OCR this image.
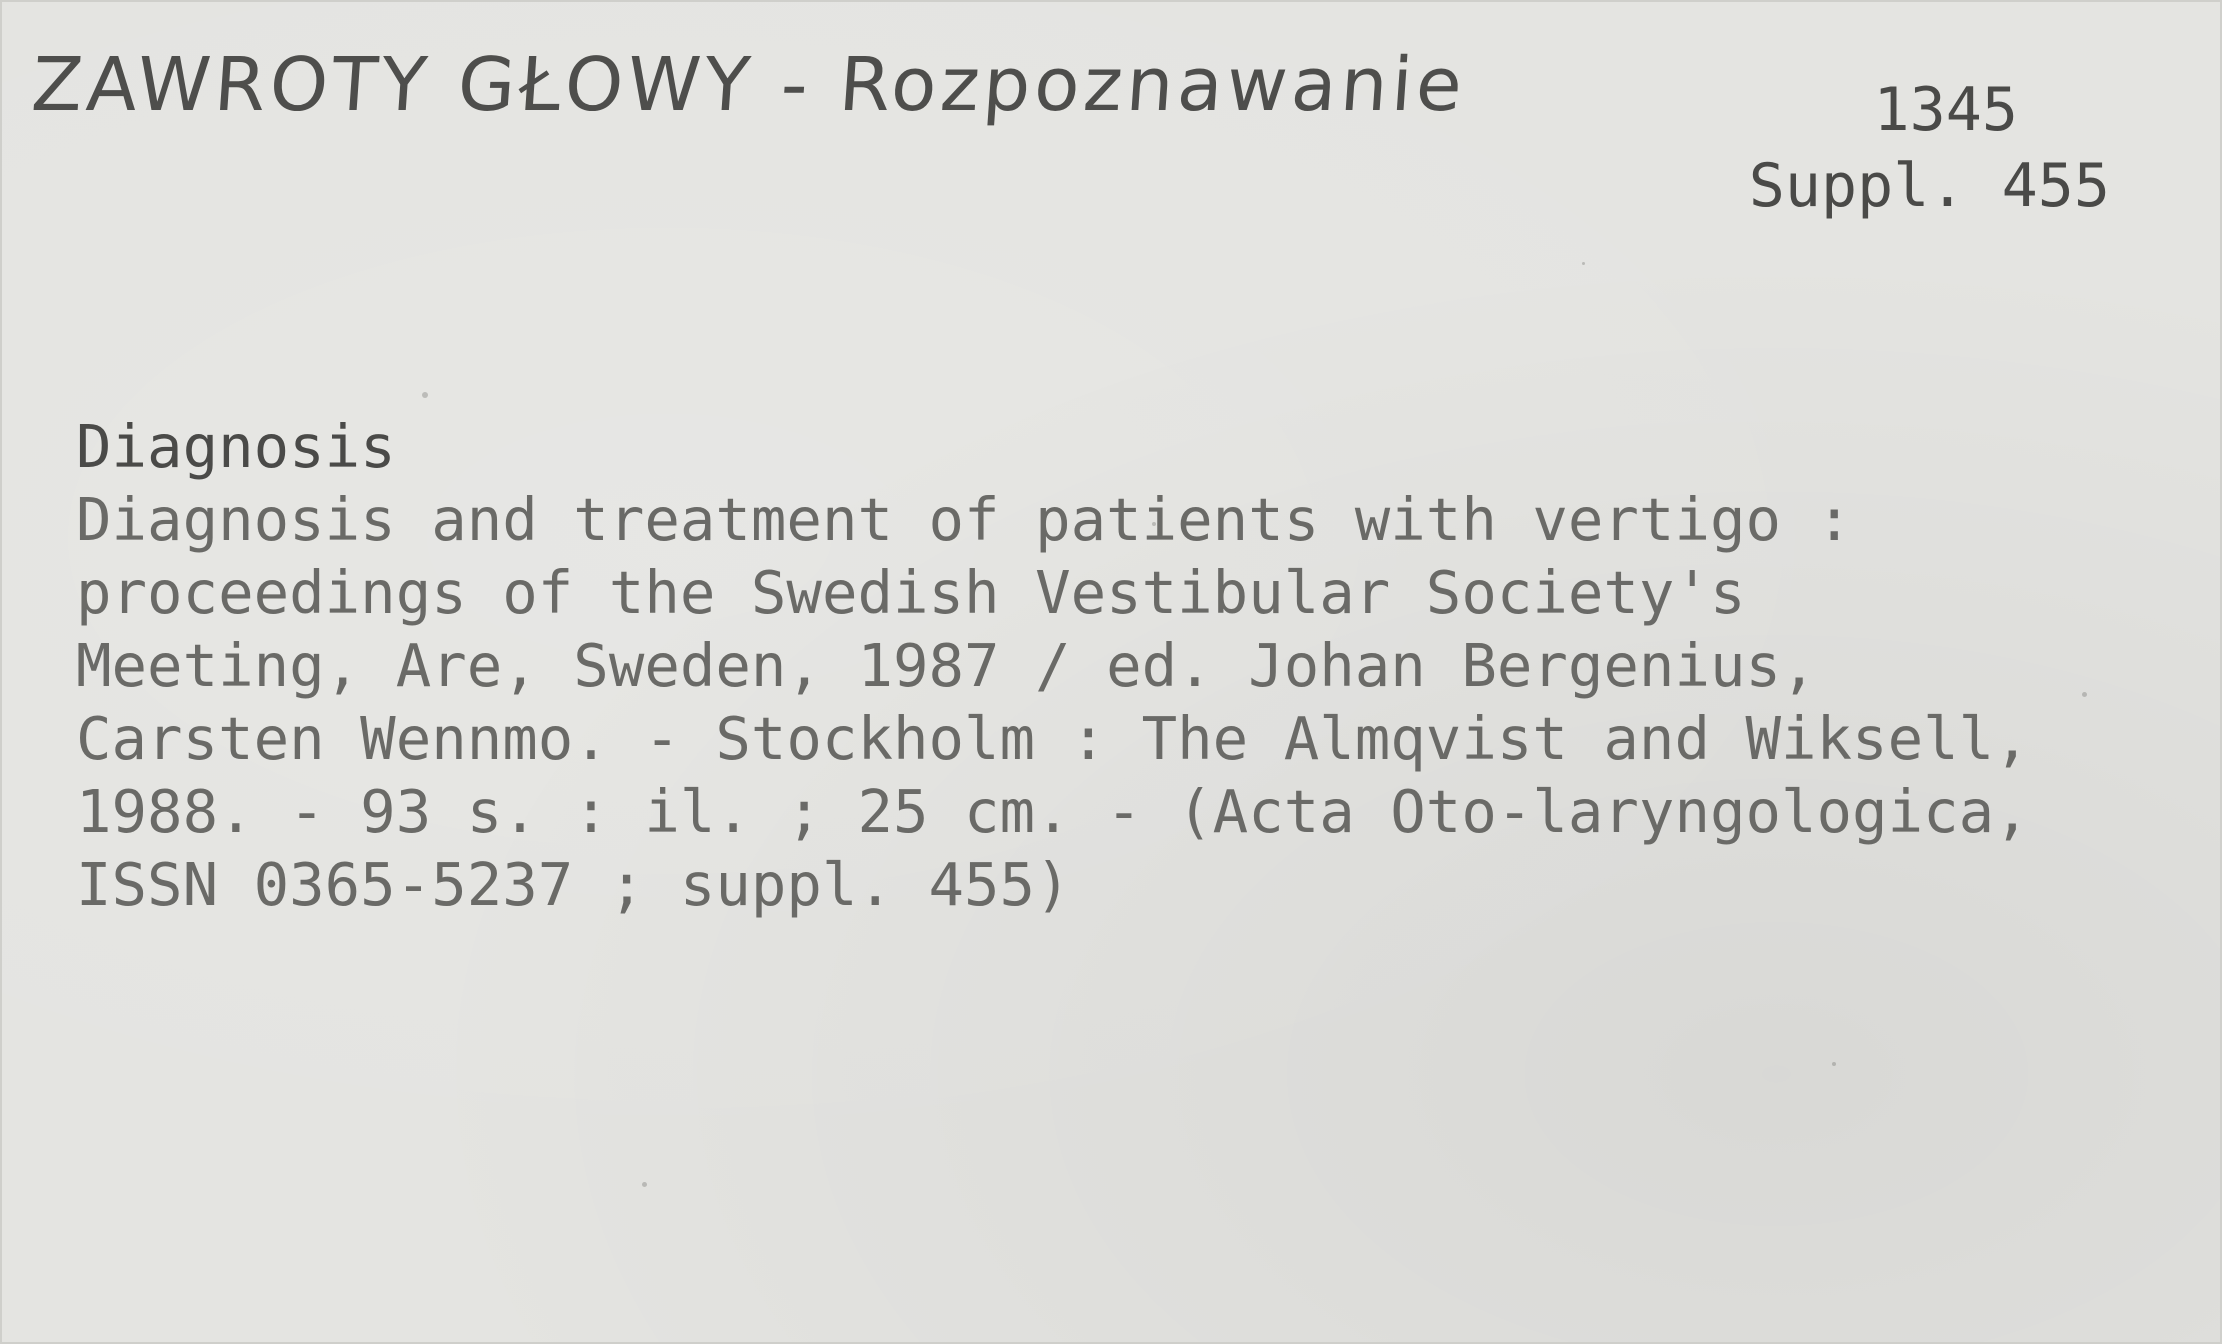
ZAWROTY GŁOWY - Rozpoznawanie	1345
Suppl. 455
Diagnosis
Diagnosis and treatment of patients with vertigo :
proceedings of the Swedish Vestibular Society's
Meeting, Are, Sweden, 1987 / ed. Johan Bergenius,
Carsten Wennmo. - Stockholm : The Almqvist and Wiksell,
1988. - 93 s. : il. ; 25 cm. - (Acta Oto-laryngologica,
ISSN 0365-5237 ; suppl. 455)
